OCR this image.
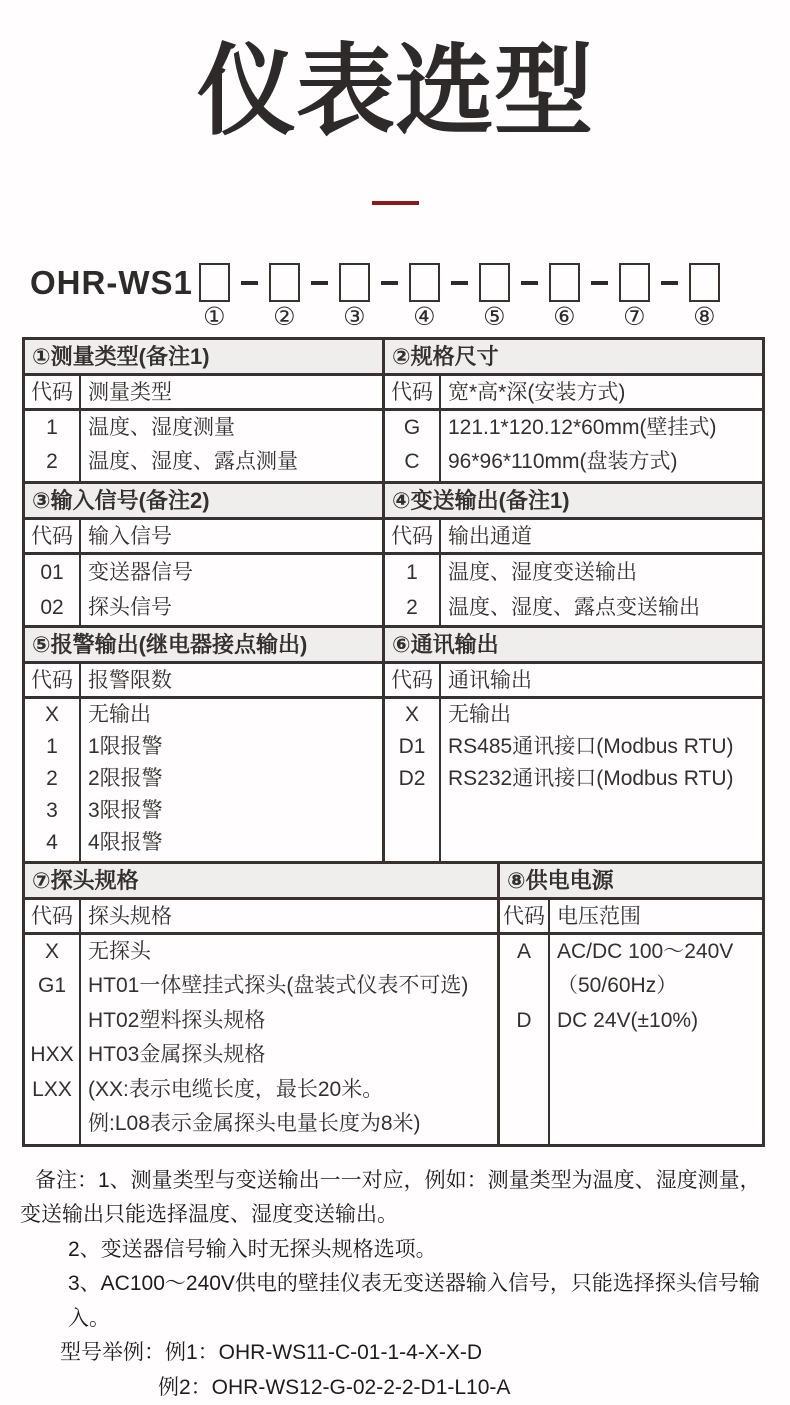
仪表选型
OHR-WS1
① ② ③ ④ ⑤ ⑥ ⑦ ⑧
①测量类型(备注1)
代码 测量类型
1
2
温度、湿度测量
温度、湿度、露点测量
②规格尺寸
代码 宽*高*深(安装方式)
G
C
121.1*120.12*60mm(壁挂式)
96*96*110mm(盘装方式)
③输入信号(备注2)
代码 输入信号
01
02
变送器信号
探头信号
④变送输出(备注1)
代码 输出通道
1
2
温度、湿度变送输出
温度、湿度、露点变送输出
⑤报警输出(继电器接点输出)
代码 报警限数
X
1
2
3
4
无输出
1限报警
2限报警
3限报警
4限报警
⑥通讯输出
代码 通讯输出
X
D1
D2
无输出
RS485通讯接口(Modbus RTU)
RS232通讯接口(Modbus RTU)
⑦探头规格
代码 探头规格
X
G1
HXX
LXX
无探头
HT01一体壁挂式探头(盘装式仪表不可选)
HT02塑料探头规格
HT03金属探头规格
(XX:表示电缆长度，最长20米。
例:L08表示金属探头电量长度为8米)
⑧供电电源
代码 电压范围
A
D
AC/DC 100～240V
（50/60Hz）
DC 24V(±10%)

备注：1、测量类型与变送输出一一对应，例如：测量类型为温度、湿度测量，变送输出只能选择温度、湿度变送输出。

2、变送器信号输入时无探头规格选项。

3、AC100～240V供电的壁挂仪表无变送器输入信号，只能选择探头信号输入。

型号举例：例1：OHR-WS11-C-01-1-4-X-X-D

例2：OHR-WS12-G-02-2-2-D1-L10-A
